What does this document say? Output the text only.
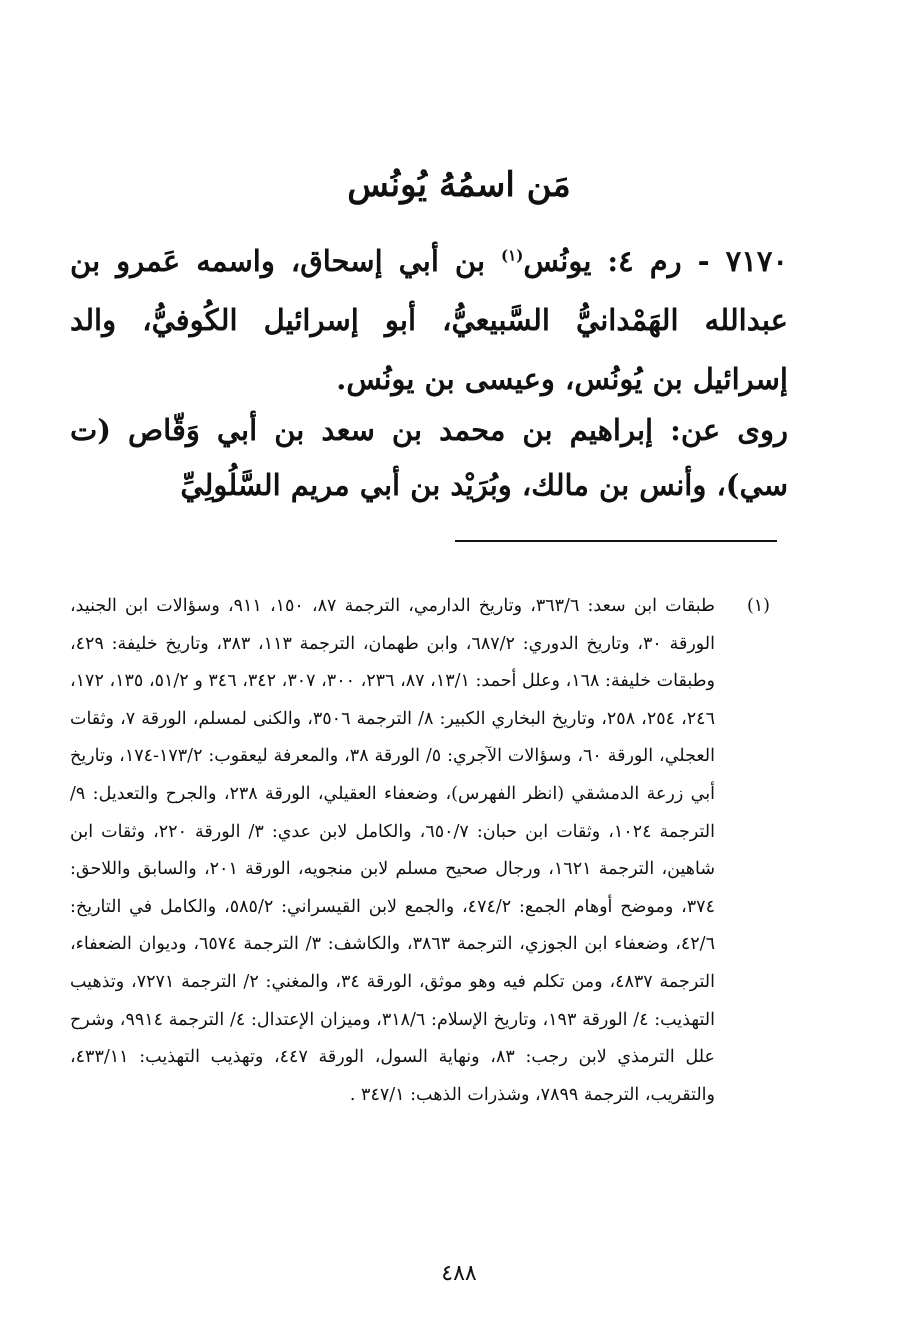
مَن اسمُهُ يُونُس
٧١٧٠ - رم ٤: يونُس$^{(١)}$ بن أبي إسحاق، واسمه عَمرو بن عبدالله الهَمْدانيُّ السَّبيعيُّ، أبو إسرائيل الكُوفيُّ، والد إسرائيل بن يُونُس، وعيسى بن يونُس.
روى عن: إبراهيم بن محمد بن سعد بن أبي وَقّاص (ت سي)، وأنس بن مالك، وبُرَيْد بن أبي مريم السَّلُولِيِّ
(١)
طبقات ابن سعد: ٣٦٣/٦، وتاريخ الدارمي، الترجمة ٨٧، ١٥٠، ٩١١، وسؤالات ابن الجنيد، الورقة ٣٠، وتاريخ الدوري: ٦٨٧/٢، وابن طهمان، الترجمة ١١٣، ٣٨٣، وتاريخ خليفة: ٤٢٩، وطبقات خليفة: ١٦٨، وعلل أحمد: ١٣/١، ٨٧، ٢٣٦، ٣٠٠، ٣٠٧، ٣٤٢، ٣٤٦ و ٥١/٢، ١٣٥، ١٧٢، ٢٤٦، ٢٥٤، ٢٥٨، وتاريخ البخاري الكبير: ٨/ الترجمة ٣٥٠٦، والكنى لمسلم، الورقة ٧، وثقات العجلي، الورقة ٦٠، وسؤالات الآجري: ٥/ الورقة ٣٨، والمعرفة ليعقوب: ١٧٣/٢-١٧٤، وتاريخ أبي زرعة الدمشقي (انظر الفهرس)، وضعفاء العقيلي، الورقة ٢٣٨، والجرح والتعديل: ٩/ الترجمة ١٠٢٤، وثقات ابن حبان: ٦٥٠/٧، والكامل لابن عدي: ٣/ الورقة ٢٢٠، وثقات ابن شاهين، الترجمة ١٦٢١، ورجال صحيح مسلم لابن منجويه، الورقة ٢٠١، والسابق واللاحق: ٣٧٤، وموضح أوهام الجمع: ٤٧٤/٢، والجمع لابن القيسراني: ٥٨٥/٢، والكامل في التاريخ: ٤٢/٦، وضعفاء ابن الجوزي، الترجمة ٣٨٦٣، والكاشف: ٣/ الترجمة ٦٥٧٤، وديوان الضعفاء، الترجمة ٤٨٣٧، ومن تكلم فيه وهو موثق، الورقة ٣٤، والمغني: ٢/ الترجمة ٧٢٧١، وتذهيب التهذيب: ٤/ الورقة ١٩٣، وتاريخ الإسلام: ٣١٨/٦، وميزان الإعتدال: ٤/ الترجمة ٩٩١٤، وشرح علل الترمذي لابن رجب: ٨٣، ونهاية السول، الورقة ٤٤٧، وتهذيب التهذيب: ٤٣٣/١١، والتقريب، الترجمة ٧٨٩٩، وشذرات الذهب: ٣٤٧/١ .
٤٨٨
